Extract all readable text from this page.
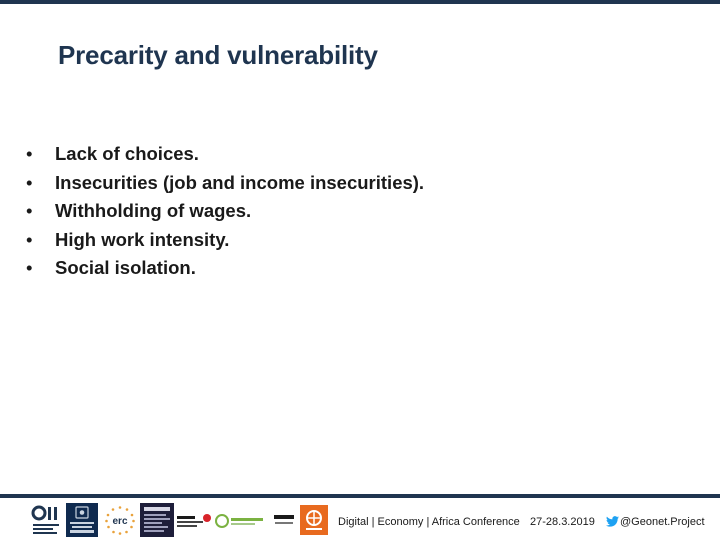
Precarity and vulnerability
•	Lack of choices.
•	Insecurities (job and income insecurities).
•	Withholding of wages.
•	High work intensity.
•	Social isolation.
erc	Digital | Economy | Africa Conference 27-28.3.2019 @Geonet.Project
